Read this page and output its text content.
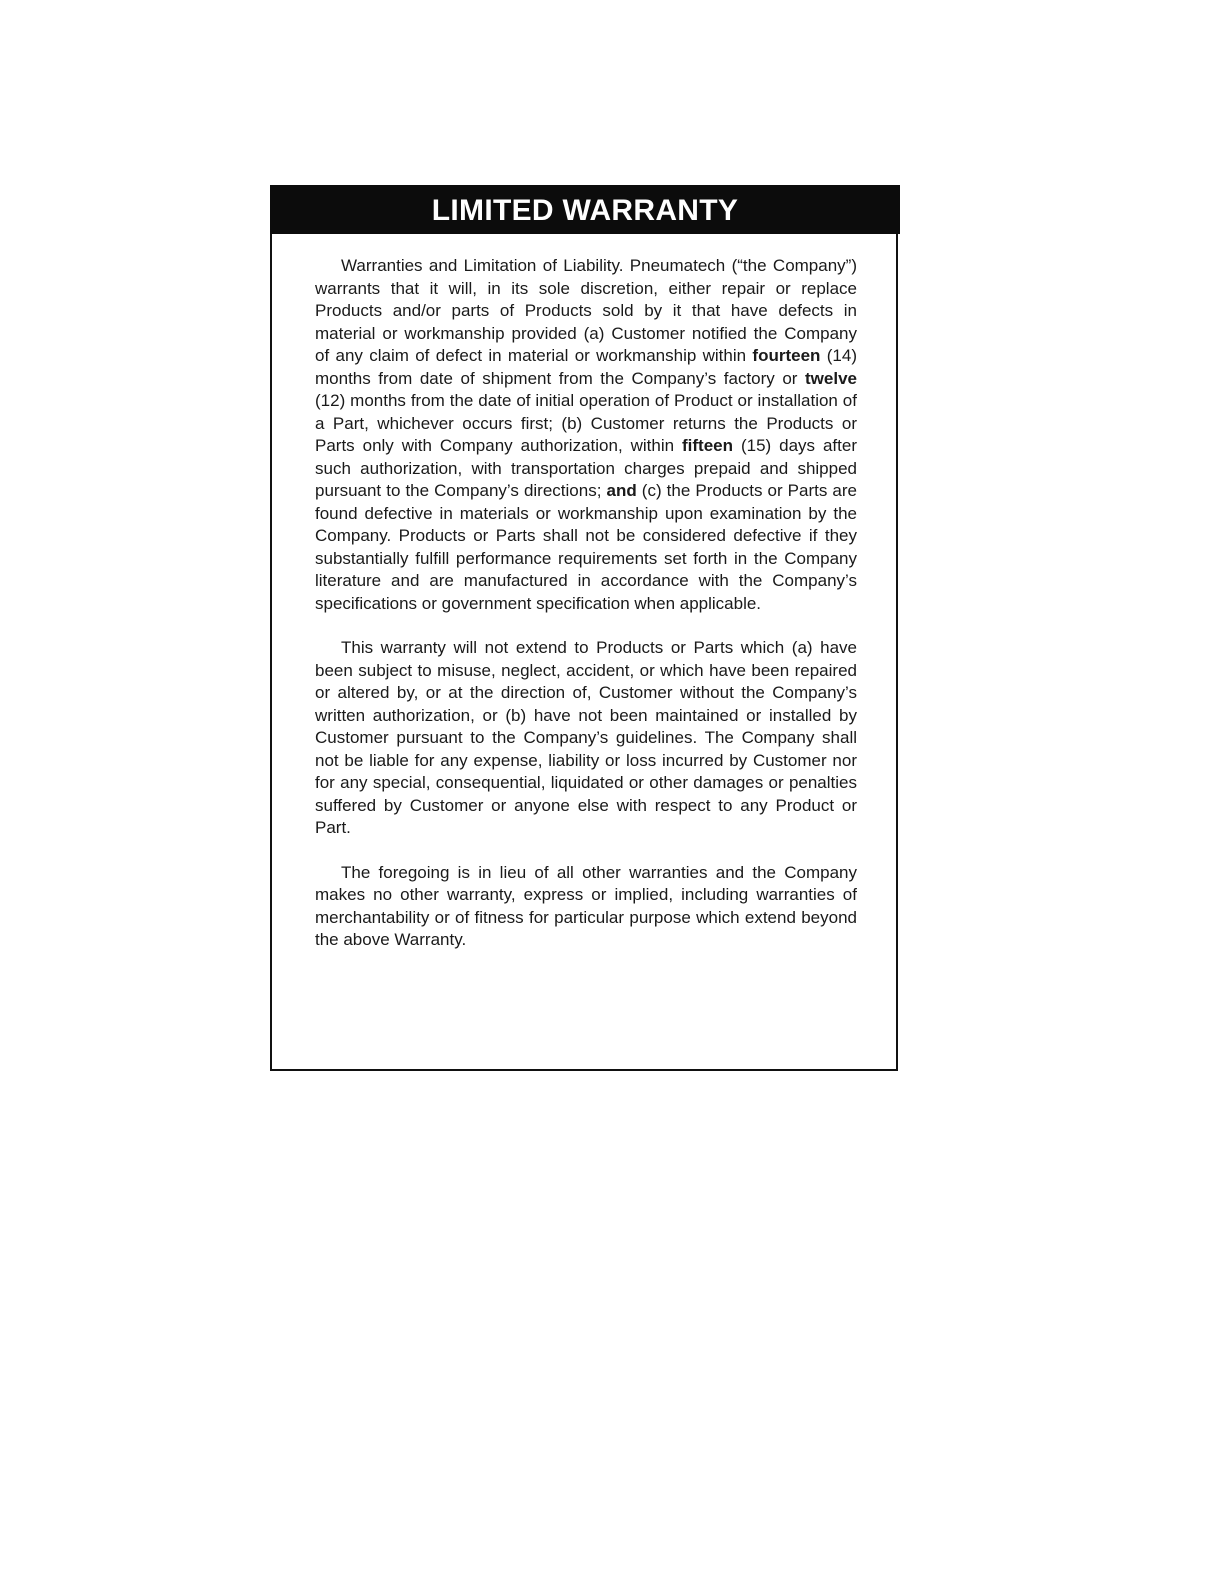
LIMITED WARRANTY

Warranties and Limitation of Liability. Pneumatech (“the Company”) warrants that it will, in its sole discretion, either repair or replace Products and/or parts of Products sold by it that have defects in material or workmanship provided (a) Customer notified the Company of any claim of defect in material or workmanship within fourteen (14) months from date of shipment from the Company’s factory or twelve (12) months from the date of initial operation of Product or installation of a Part, whichever occurs first; (b) Customer returns the Products or Parts only with Company authorization, within fifteen (15) days after such authorization, with transportation charges prepaid and shipped pursuant to the Company’s directions; and (c) the Products or Parts are found defective in materials or workmanship upon examination by the Company. Products or Parts shall not be considered defective if they substantially fulfill performance requirements set forth in the Company literature and are manufactured in accordance with the Company’s specifications or government specification when applicable.

This warranty will not extend to Products or Parts which (a) have been subject to misuse, neglect, accident, or which have been repaired or altered by, or at the direction of, Customer without the Company’s written authorization, or (b) have not been maintained or installed by Customer pursuant to the Company’s guidelines. The Company shall not be liable for any expense, liability or loss incurred by Customer nor for any special, consequential, liquidated or other damages or penalties suffered by Customer or anyone else with respect to any Product or Part.

The foregoing is in lieu of all other warranties and the Company makes no other warranty, express or implied, including warranties of merchantability or of fitness for particular purpose which extend beyond the above Warranty.
